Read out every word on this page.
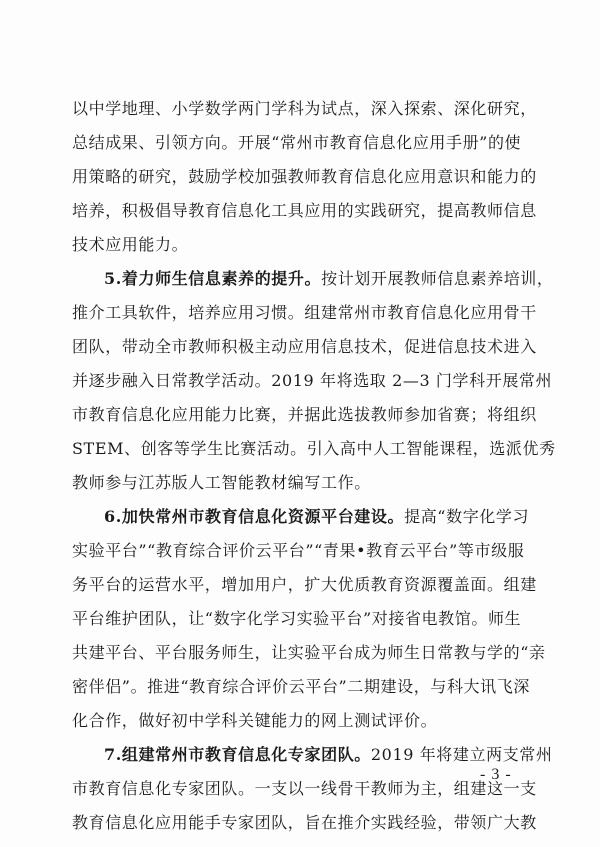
以中学地理、小学数学两门学科为试点，深入探索、深化研究，
总结成果、引领方向。开展“常州市教育信息化应用手册”的使
用策略的研究，鼓励学校加强教师教育信息化应用意识和能力的
培养，积极倡导教育信息化工具应用的实践研究，提高教师信息
技术应用能力。
5.着力师生信息素养的提升。按计划开展教师信息素养培训，
推介工具软件，培养应用习惯。组建常州市教育信息化应用骨干
团队，带动全市教师积极主动应用信息技术，促进信息技术进入
并逐步融入日常教学活动。2019 年将选取 2—3 门学科开展常州
市教育信息化应用能力比赛，并据此选拔教师参加省赛；将组织
STEM、创客等学生比赛活动。引入高中人工智能课程，选派优秀
教师参与江苏版人工智能教材编写工作。
6.加快常州市教育信息化资源平台建设。提高“数字化学习
实验平台”“教育综合评价云平台”“青果•教育云平台”等市级服
务平台的运营水平，增加用户，扩大优质教育资源覆盖面。组建
平台维护团队，让“数字化学习实验平台”对接省电教馆。师生
共建平台、平台服务师生，让实验平台成为师生日常教与学的“亲
密伴侣”。推进“教育综合评价云平台”二期建设，与科大讯飞深
化合作，做好初中学科关键能力的网上测试评价。
7.组建常州市教育信息化专家团队。2019 年将建立两支常州
市教育信息化专家团队。一支以一线骨干教师为主，组建这一支
教育信息化应用能手专家团队，旨在推介实践经验，带领广大教
- 3 -
